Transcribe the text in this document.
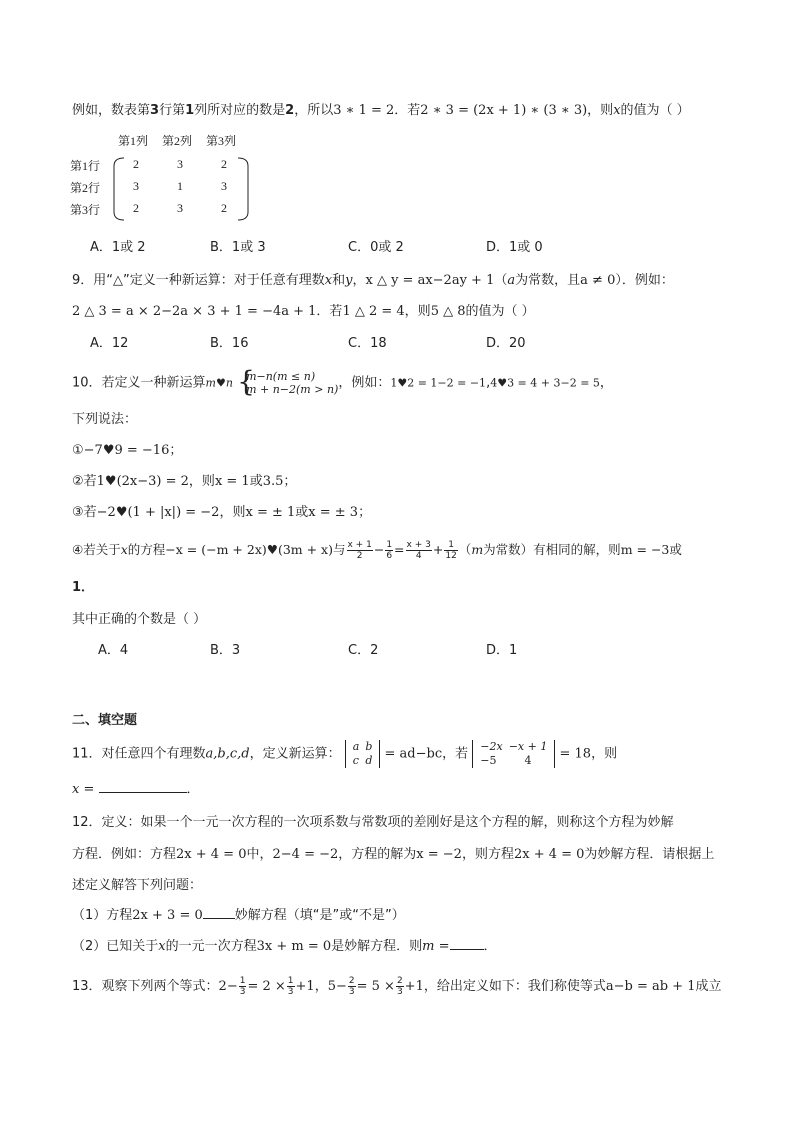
例如，数表第3行第1列所对应的数是2，所以3 ∗ 1 = 2．若2 ∗ 3 = (2x + 1) ∗ (3 ∗ 3)，则x的值为（ ）
第1列 第2列 第3列
第1行
第2行
第3行
2	3	2
3	1	3
2	3	2
A．1或 2	B．1或 3	C．0或 2	D．1或 0
9．用“△”定义一种新运算：对于任意有理数x和y，x △ y = ax−2ay + 1（a为常数，且a ≠ 0）．例如：
2 △ 3 = a × 2−2a × 3 + 1 = −4a + 1．若1 △ 2 = 4，则5 △ 8的值为（ ）
A．12	B．16	C．18	D．20
10．若定义一种新运算m♥n {
m−n(m ≤ n)
m + n−2(m > n) ，例如：1♥2 = 1−2 = −1,4♥3 = 4 + 3−2 = 5，
下列说法：
①−7♥9 = −16；
②若1♥(2x−3) = 2，则x = 1或3.5；
③若−2♥(1 + |x|) = −2，则x = ± 1或x = ± 3；
④若关于x的方程−x = (−m + 2x)♥(3m + x)与 $\frac{x + 1}{2} - \frac{1}{6} = \frac{x + 3}{4} + \frac{1}{12} (m$为常数）有相同的解，则m = −3或
1．
其中正确的个数是（ ）
A．4	B．3	C．2	D．1
二、填空题
11．对任意四个有理数a,b,c,d，定义新运算： a	b
c	d = ad−bc，若 −2x	−x + 1
−5	4 = 18，则
x =	．
12．定义：如果一个一元一次方程的一次项系数与常数项的差刚好是这个方程的解，则称这个方程为妙解
方程．例如：方程2x + 4 = 0中，2−4 = −2，方程的解为x = −2，则方程2x + 4 = 0为妙解方程．请根据上
述定义解答下列问题：
（1）方程2x + 3 = 0 妙解方程（填“是”或“不是”）
（2）已知关于x的一元一次方程3x + m = 0是妙解方程．则m =	．
13．观察下列两个等式：$2- \frac{1}{3} = 2 \times \frac{1}{3} +1$，$5- \frac{2}{3} = 5 \times \frac{2}{3} +1$，给出定义如下：我们称使等式a−b = ab + 1成立
